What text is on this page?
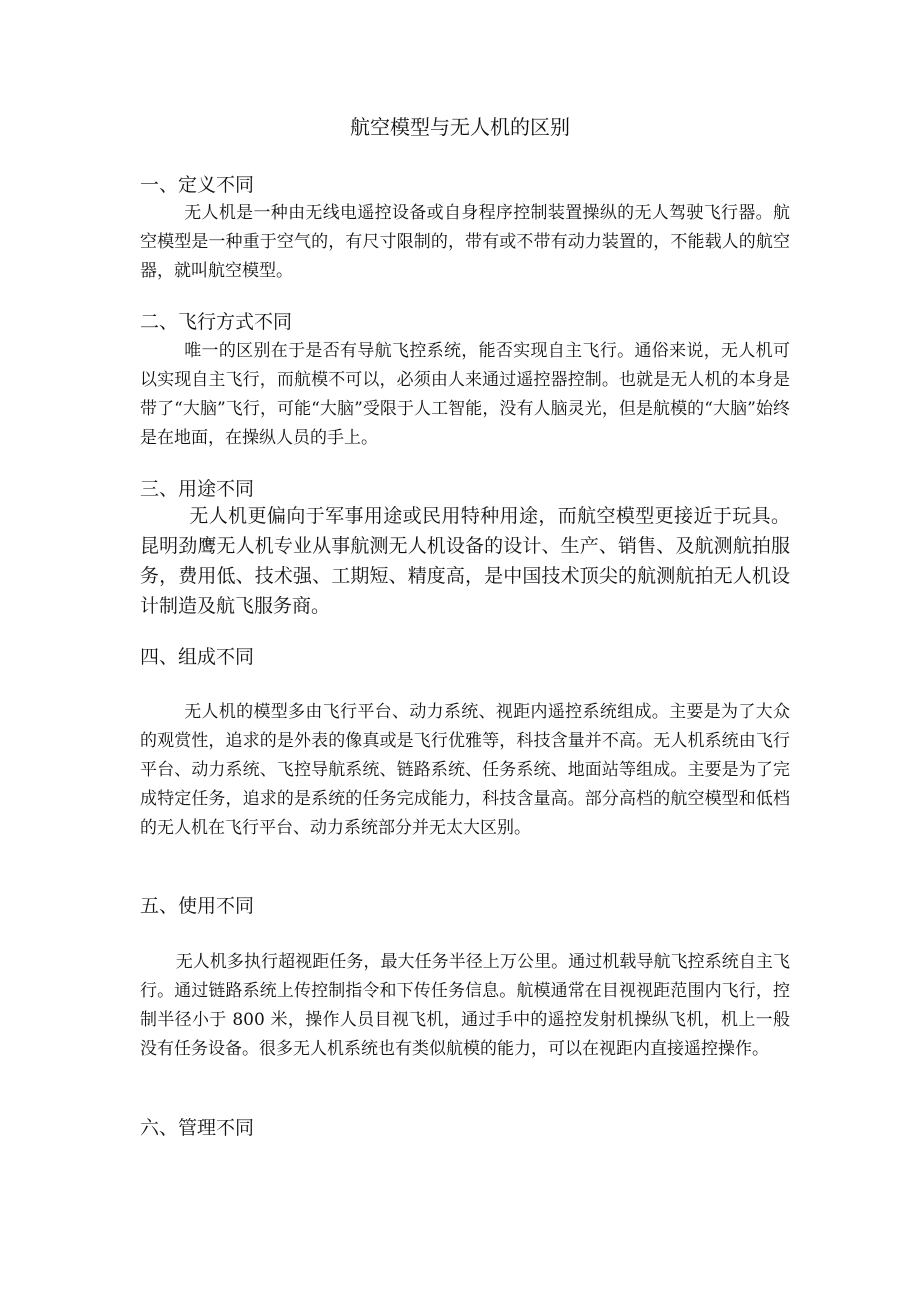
航空模型与无人机的区别
一、定义不同
无人机是一种由无线电遥控设备或自身程序控制装置操纵的无人驾驶飞行器。航空模型是一种重于空气的，有尺寸限制的，带有或不带有动力装置的，不能载人的航空器，就叫航空模型。
二、飞行方式不同
唯一的区别在于是否有导航飞控系统，能否实现自主飞行。通俗来说，无人机可以实现自主飞行，而航模不可以，必须由人来通过遥控器控制。也就是无人机的本身是带了“大脑”飞行，可能“大脑”受限于人工智能，没有人脑灵光，但是航模的“大脑”始终是在地面，在操纵人员的手上。
三、用途不同
无人机更偏向于军事用途或民用特种用途，而航空模型更接近于玩具。昆明劲鹰无人机专业从事航测无人机设备的设计、生产、销售、及航测航拍服务，费用低、技术强、工期短、精度高，是中国技术顶尖的航测航拍无人机设计制造及航飞服务商。
四、组成不同
无人机的模型多由飞行平台、动力系统、视距内遥控系统组成。主要是为了大众的观赏性，追求的是外表的像真或是飞行优雅等，科技含量并不高。无人机系统由飞行平台、动力系统、飞控导航系统、链路系统、任务系统、地面站等组成。主要是为了完成特定任务，追求的是系统的任务完成能力，科技含量高。部分高档的航空模型和低档的无人机在飞行平台、动力系统部分并无太大区别。
五、使用不同
无人机多执行超视距任务，最大任务半径上万公里。通过机载导航飞控系统自主飞行。通过链路系统上传控制指令和下传任务信息。航模通常在目视视距范围内飞行，控制半径小于 800 米，操作人员目视飞机，通过手中的遥控发射机操纵飞机，机上一般没有任务设备。很多无人机系统也有类似航模的能力，可以在视距内直接遥控操作。
六、管理不同
